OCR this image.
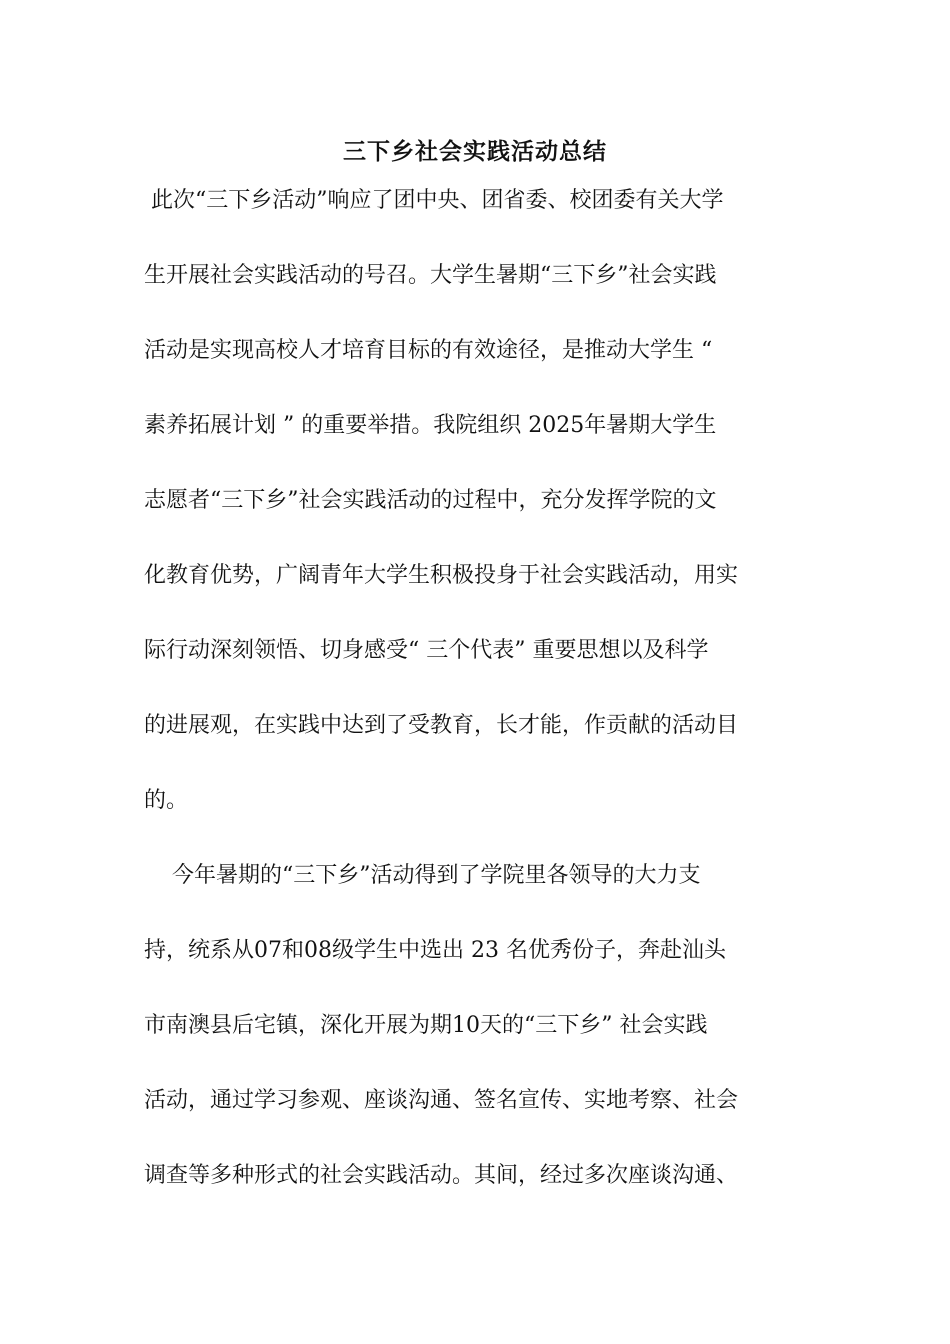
三下乡社会实践活动总结
此次“三下乡活动”响应了团中央、团省委、校团委有关大学
生开展社会实践活动的号召。大学生暑期“三下乡”社会实践
活动是实现高校人才培育目标的有效途径，是推动大学生 “
素养拓展计划 ” 的重要举措。我院组织 2025年暑期大学生
志愿者“三下乡”社会实践活动的过程中，充分发挥学院的文
化教育优势，广阔青年大学生积极投身于社会实践活动，用实
际行动深刻领悟、切身感受“ 三个代表” 重要思想以及科学
的进展观，在实践中达到了受教育，长才能，作贡献的活动目
的。
今年暑期的“三下乡”活动得到了学院里各领导的大力支
持，统系从07和08级学生中选出 23 名优秀份子，奔赴汕头
市南澳县后宅镇，深化开展为期10天的“三下乡” 社会实践
活动，通过学习参观、座谈沟通、签名宣传、实地考察、社会
调查等多种形式的社会实践活动。其间，经过多次座谈沟通、
